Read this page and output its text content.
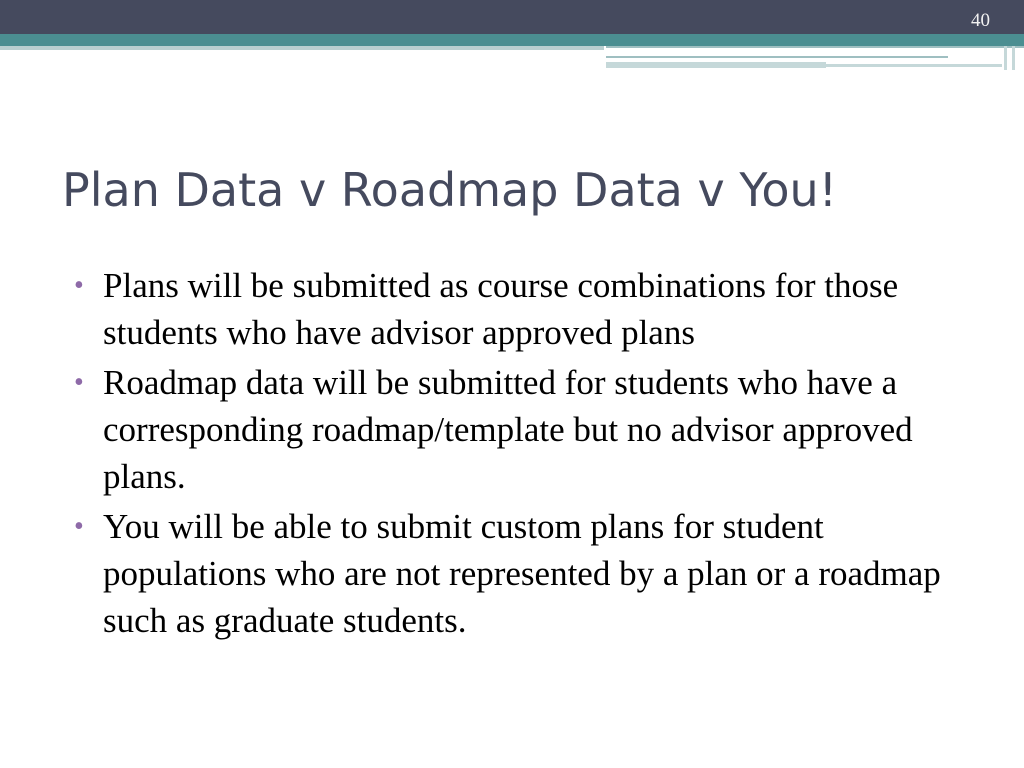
40
Plan Data v Roadmap Data v You!
• Plans will be submitted as course combinations for those students who have advisor approved plans
• Roadmap data will be submitted for students who have a corresponding roadmap/template but no advisor approved plans.
• You will be able to submit custom plans for student populations who are not represented by a plan or a roadmap such as graduate students.
